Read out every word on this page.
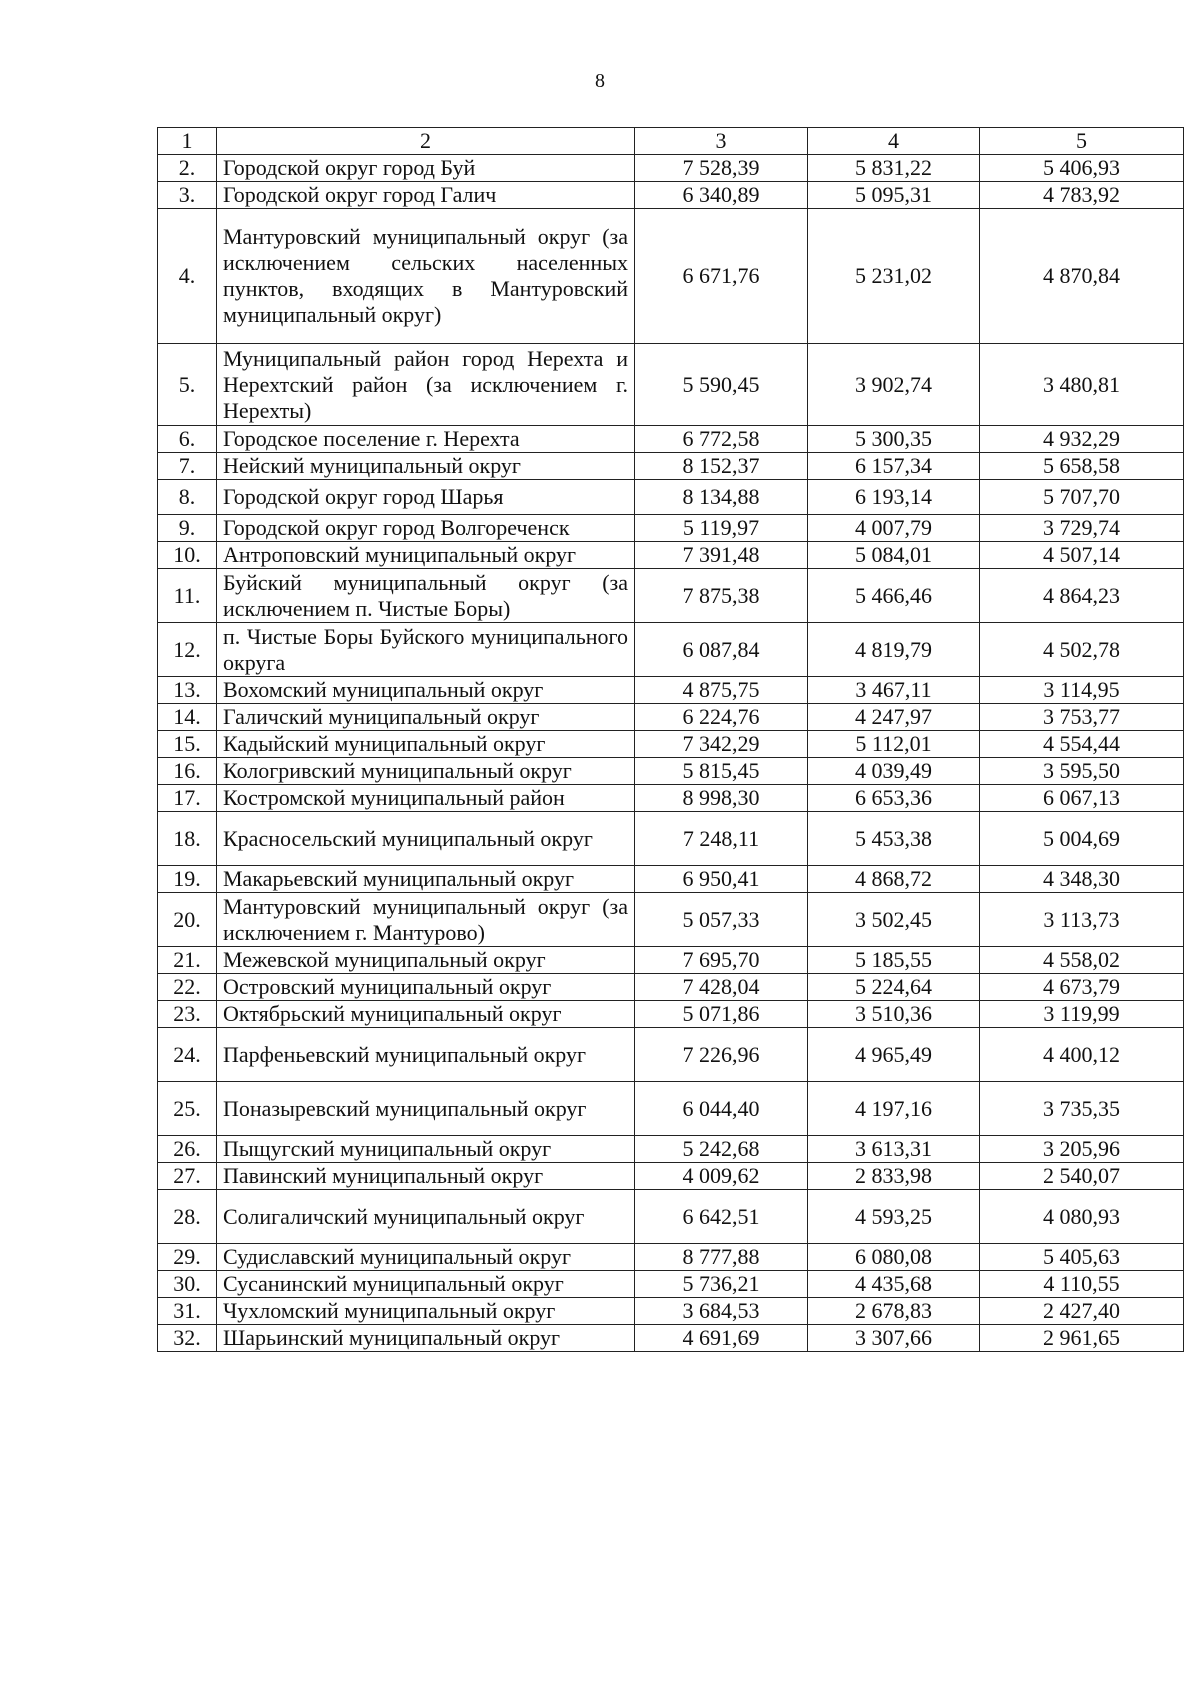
8
1	2	3	4	5
2.	Городской округ город Буй	7 528,39	5 831,22	5 406,93
3.	Городской округ город Галич	6 340,89	5 095,31	4 783,92
4.	Мантуровский муниципальный округ (за исключением сельских населенных пунктов, входящих в Мантуровский муниципальный округ)	6 671,76	5 231,02	4 870,84
5.	Муниципальный район город Нерехта и Нерехтский район (за исключением г. Нерехты)	5 590,45	3 902,74	3 480,81
6.	Городское поселение г. Нерехта	6 772,58	5 300,35	4 932,29
7.	Нейский муниципальный округ	8 152,37	6 157,34	5 658,58
8.	Городской округ город Шарья	8 134,88	6 193,14	5 707,70
9.	Городской округ город Волгореченск	5 119,97	4 007,79	3 729,74
10.	Антроповский муниципальный округ	7 391,48	5 084,01	4 507,14
11.	Буйский муниципальный округ (за исключением п. Чистые Боры)	7 875,38	5 466,46	4 864,23
12.	п. Чистые Боры Буйского муниципального округа	6 087,84	4 819,79	4 502,78
13.	Вохомский муниципальный округ	4 875,75	3 467,11	3 114,95
14.	Галичский муниципальный округ	6 224,76	4 247,97	3 753,77
15.	Кадыйский муниципальный округ	7 342,29	5 112,01	4 554,44
16.	Кологривский муниципальный округ	5 815,45	4 039,49	3 595,50
17.	Костромской муниципальный район	8 998,30	6 653,36	6 067,13
18.	Красносельский муниципальный округ	7 248,11	5 453,38	5 004,69
19.	Макарьевский муниципальный округ	6 950,41	4 868,72	4 348,30
20.	Мантуровский муниципальный округ (за исключением г. Мантурово)	5 057,33	3 502,45	3 113,73
21.	Межевской муниципальный округ	7 695,70	5 185,55	4 558,02
22.	Островский муниципальный округ	7 428,04	5 224,64	4 673,79
23.	Октябрьский муниципальный округ	5 071,86	3 510,36	3 119,99
24.	Парфеньевский муниципальный округ	7 226,96	4 965,49	4 400,12
25.	Поназыревский муниципальный округ	6 044,40	4 197,16	3 735,35
26.	Пыщугский муниципальный округ	5 242,68	3 613,31	3 205,96
27.	Павинский муниципальный округ	4 009,62	2 833,98	2 540,07
28.	Солигаличский муниципальный округ	6 642,51	4 593,25	4 080,93
29.	Судиславский муниципальный округ	8 777,88	6 080,08	5 405,63
30.	Сусанинский муниципальный округ	5 736,21	4 435,68	4 110,55
31.	Чухломский муниципальный округ	3 684,53	2 678,83	2 427,40
32.	Шарьинский муниципальный округ	4 691,69	3 307,66	2 961,65
